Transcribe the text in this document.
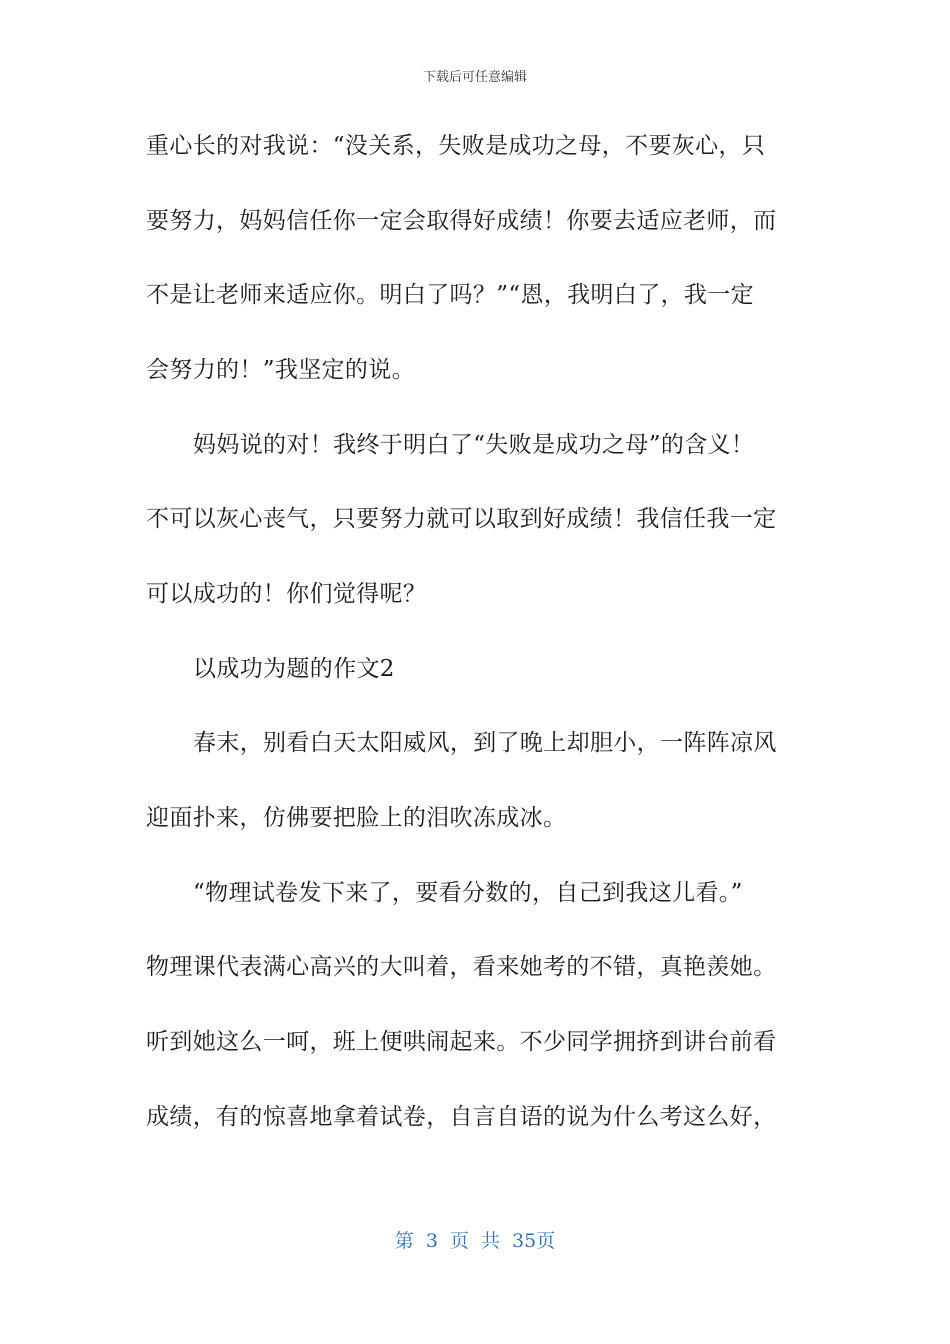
下载后可任意编辑
重心长的对我说：“没关系，失败是成功之母，不要灰心，只
要努力，妈妈信任你一定会取得好成绩！你要去适应老师，而
不是让老师来适应你。明白了吗？”“恩，我明白了，我一定
会努力的！”我坚定的说。
妈妈说的对！我终于明白了“失败是成功之母”的含义！
不可以灰心丧气，只要努力就可以取到好成绩！我信任我一定
可以成功的！你们觉得呢？
以成功为题的作文2
春末，别看白天太阳威风，到了晚上却胆小，一阵阵凉风
迎面扑来，仿佛要把脸上的泪吹冻成冰。
“物理试卷发下来了，要看分数的，自己到我这儿看。”
物理课代表满心高兴的大叫着，看来她考的不错，真艳羡她。
听到她这么一呵，班上便哄闹起来。不少同学拥挤到讲台前看
成绩，有的惊喜地拿着试卷，自言自语的说为什么考这么好，
第 3 页 共 35页
